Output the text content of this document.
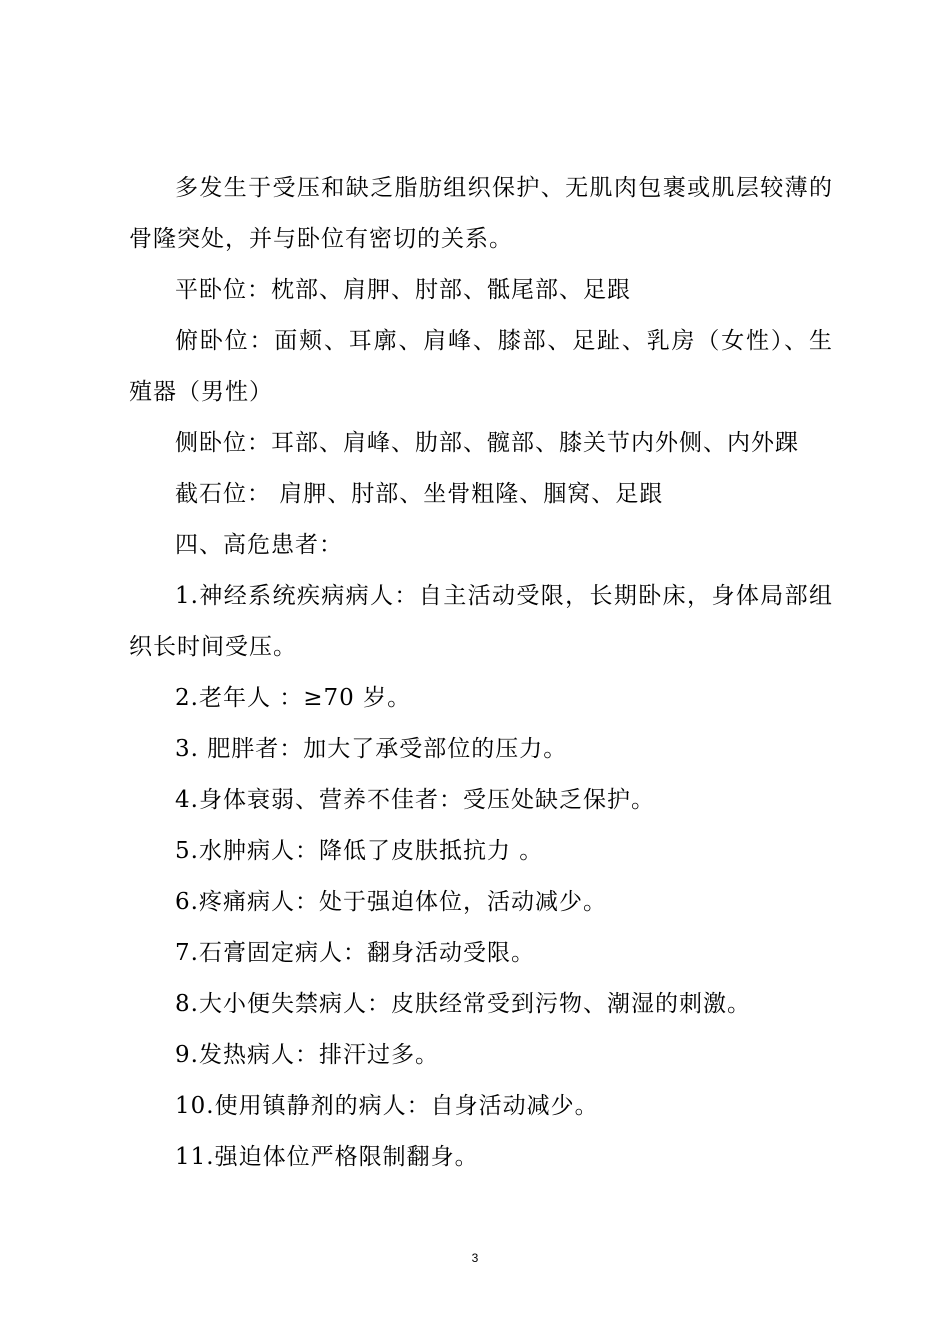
多发生于受压和缺乏脂肪组织保护、无肌肉包裹或肌层较薄的骨隆突处，并与卧位有密切的关系。

平卧位：枕部、肩胛、肘部、骶尾部、足跟

俯卧位：面颊、耳廓、肩峰、膝部、足趾、乳房（女性）、生殖器（男性）

侧卧位：耳部、肩峰、肋部、髋部、膝关节内外侧、内外踝

截石位： 肩胛、肘部、坐骨粗隆、腘窝、足跟

四、高危患者：

1.神经系统疾病病人：自主活动受限，长期卧床，身体局部组织长时间受压。

2.老年人 ：≥70 岁。

3. 肥胖者：加大了承受部位的压力。

4.身体衰弱、营养不佳者：受压处缺乏保护。

5.水肿病人：降低了皮肤抵抗力 。

6.疼痛病人：处于强迫体位，活动减少。

7.石膏固定病人：翻身活动受限。

8.大小便失禁病人：皮肤经常受到污物、潮湿的刺激。

9.发热病人：排汗过多。

10.使用镇静剂的病人：自身活动减少。

11.强迫体位严格限制翻身。

3
